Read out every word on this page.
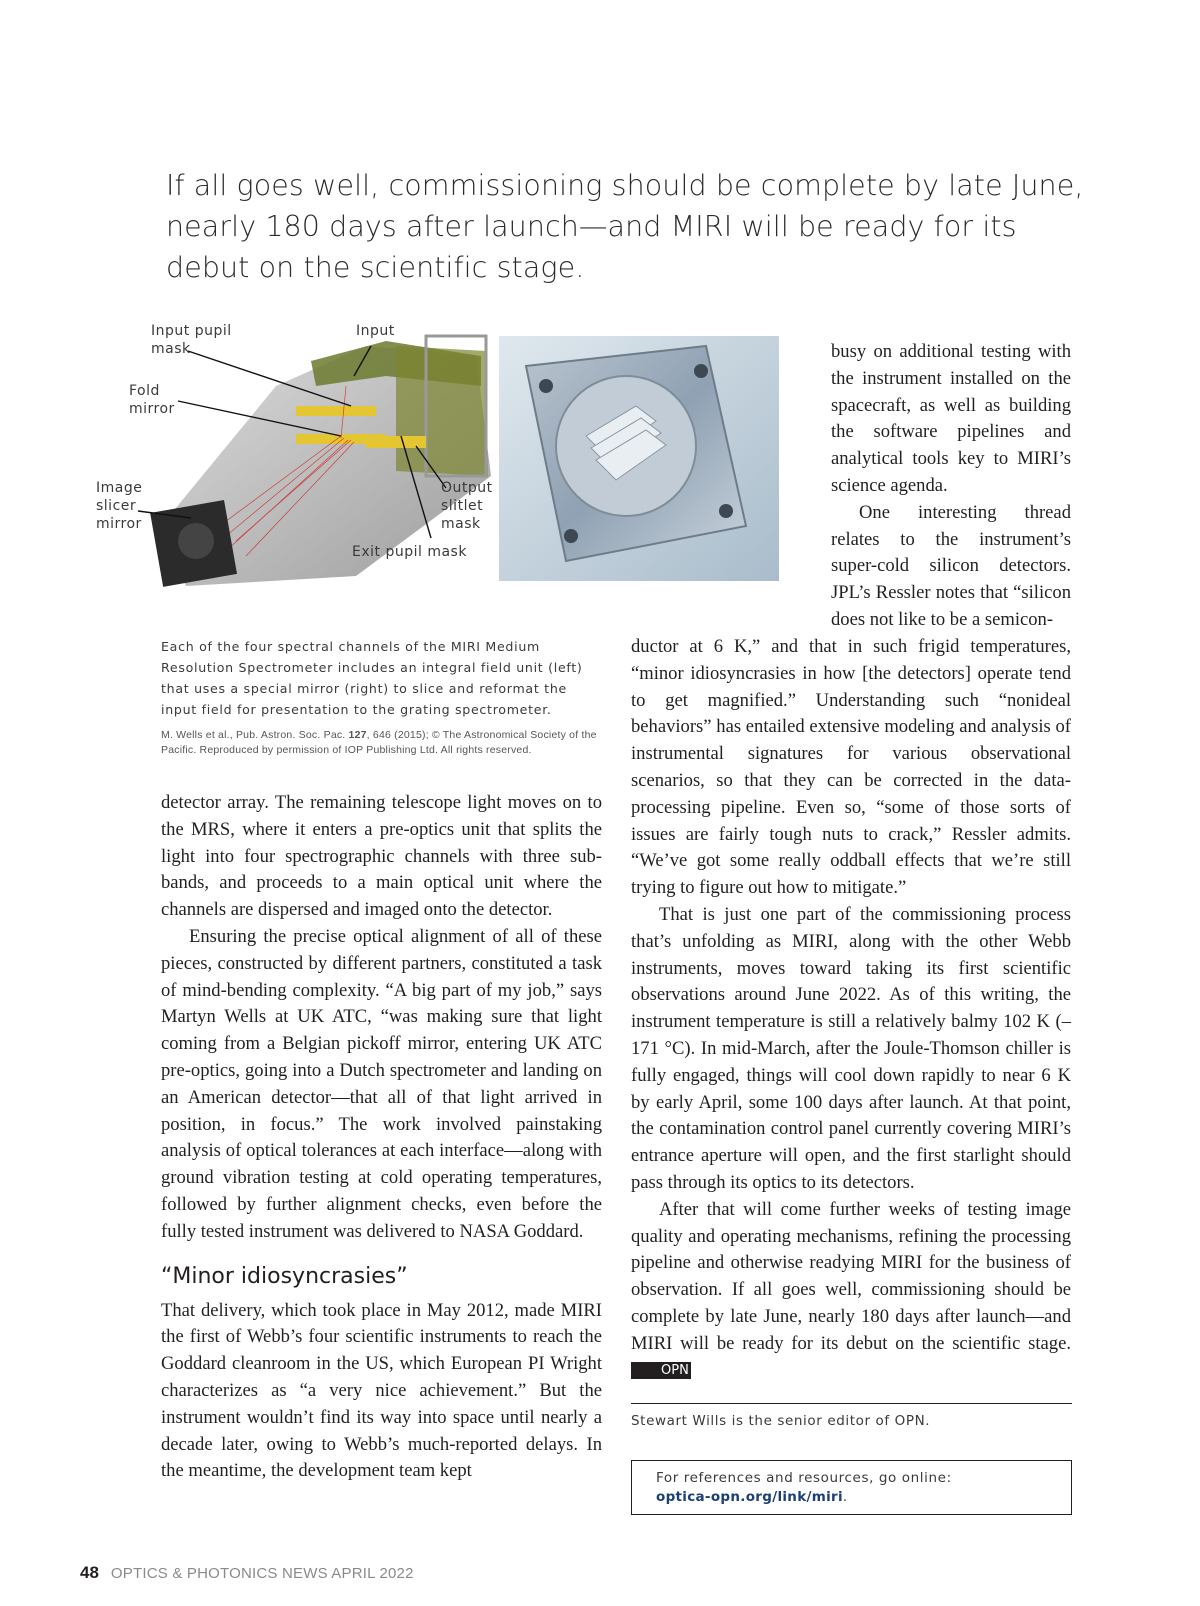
If all goes well, commissioning should be complete by late June, nearly 180 days after launch—and MIRI will be ready for its debut on the scientific stage.
Input pupil
mask
Input
Fold
mirror
Image
slicer
mirror
Output
slitlet
mask
Exit pupil mask
Each of the four spectral channels of the MIRI Medium Resolution Spectrometer includes an integral field unit (left) that uses a special mirror (right) to slice and reformat the input field for presentation to the grating spectrometer.
M. Wells et al., Pub. Astron. Soc. Pac. 127, 646 (2015); © The Astronomical Society of the Pacific. Reproduced by permission of IOP Publishing Ltd. All rights reserved.

detector array. The remaining telescope light moves on to the MRS, where it enters a pre-optics unit that splits the light into four spectrographic channels with three sub-bands, and proceeds to a main optical unit where the channels are dispersed and imaged onto the detector.

Ensuring the precise optical alignment of all of these pieces, constructed by different partners, constituted a task of mind-bending complexity. “A big part of my job,” says Martyn Wells at UK ATC, “was making sure that light coming from a Belgian pickoff mirror, entering UK ATC pre-optics, going into a Dutch spectrometer and landing on an American detector—that all of that light arrived in position, in focus.” The work involved painstaking analysis of optical tolerances at each interface—along with ground vibration testing at cold operating temperatures, followed by further alignment checks, even before the fully tested instrument was delivered to NASA Goddard.

“Minor idiosyncrasies”

That delivery, which took place in May 2012, made MIRI the first of Webb’s four scientific instruments to reach the Goddard cleanroom in the US, which European PI Wright characterizes as “a very nice achievement.” But the instrument wouldn’t find its way into space until nearly a decade later, owing to Webb’s much-reported delays. In the meantime, the development team kept

busy on additional testing with the instrument installed on the spacecraft, as well as building the software pipelines and analytical tools key to MIRI’s science agenda.

One interesting thread relates to the instrument’s super-cold silicon detectors. JPL’s Ressler notes that “silicon does not like to be a semicon-

ductor at 6 K,” and that in such frigid temperatures, “minor idiosyncrasies in how [the detectors] operate tend to get magnified.” Understanding such “nonideal behaviors” has entailed extensive modeling and analysis of instrumental signatures for various observational scenarios, so that they can be corrected in the data-processing pipeline. Even so, “some of those sorts of issues are fairly tough nuts to crack,” Ressler admits. “We’ve got some really oddball effects that we’re still trying to figure out how to mitigate.”

That is just one part of the commissioning process that’s unfolding as MIRI, along with the other Webb instruments, moves toward taking its first scientific observations around June 2022. As of this writing, the instrument temperature is still a relatively balmy 102 K (–171 °C). In mid-March, after the Joule-Thomson chiller is fully engaged, things will cool down rapidly to near 6 K by early April, some 100 days after launch. At that point, the contamination control panel currently covering MIRI’s entrance aperture will open, and the first starlight should pass through its optics to its detectors.

After that will come further weeks of testing image quality and operating mechanisms, refining the processing pipeline and otherwise readying MIRI for the business of observation. If all goes well, commissioning should be complete by late June, nearly 180 days after launch—and MIRI will be ready for its debut on the scientific stage. OPN

Stewart Wills is the senior editor of OPN.
For references and resources, go online:
optica-opn.org/link/miri.
48 OPTICS & PHOTONICS NEWS APRIL 2022
